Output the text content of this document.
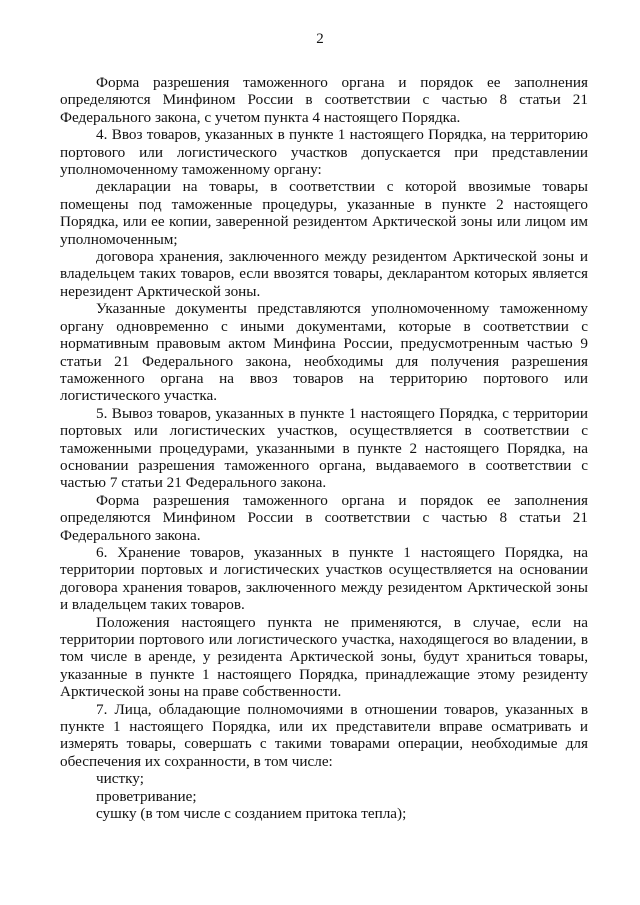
2

Форма разрешения таможенного органа и порядок ее заполнения определяются Минфином России в соответствии с частью 8 статьи 21 Федерального закона, с учетом пункта 4 настоящего Порядка.

4. Ввоз товаров, указанных в пункте 1 настоящего Порядка, на территорию портового или логистического участков допускается при представлении уполномоченному таможенному органу:

декларации на товары, в соответствии с которой ввозимые товары помещены под таможенные процедуры, указанные в пункте 2 настоящего Порядка, или ее копии, заверенной резидентом Арктической зоны или лицом им уполномоченным;

договора хранения, заключенного между резидентом Арктической зоны и владельцем таких товаров, если ввозятся товары, декларантом которых является нерезидент Арктической зоны.

Указанные документы представляются уполномоченному таможенному органу одновременно с иными документами, которые в соответствии с нормативным правовым актом Минфина России, предусмотренным частью 9 статьи 21 Федерального закона, необходимы для получения разрешения таможенного органа на ввоз товаров на территорию портового или логистического участка.

5. Вывоз товаров, указанных в пункте 1 настоящего Порядка, с территории портовых или логистических участков, осуществляется в соответствии с таможенными процедурами, указанными в пункте 2 настоящего Порядка, на основании разрешения таможенного органа, выдаваемого в соответствии с частью 7 статьи 21 Федерального закона.

Форма разрешения таможенного органа и порядок ее заполнения определяются Минфином России в соответствии с частью 8 статьи 21 Федерального закона.

6. Хранение товаров, указанных в пункте 1 настоящего Порядка, на территории портовых и логистических участков осуществляется на основании договора хранения товаров, заключенного между резидентом Арктической зоны и владельцем таких товаров.

Положения настоящего пункта не применяются, в случае, если на территории портового или логистического участка, находящегося во владении, в том числе в аренде, у резидента Арктической зоны, будут храниться товары, указанные в пункте 1 настоящего Порядка, принадлежащие этому резиденту Арктической зоны на праве собственности.

7. Лица, обладающие полномочиями в отношении товаров, указанных в пункте 1 настоящего Порядка, или их представители вправе осматривать и измерять товары, совершать с такими товарами операции, необходимые для обеспечения их сохранности, в том числе:

чистку;

проветривание;

сушку (в том числе с созданием притока тепла);
